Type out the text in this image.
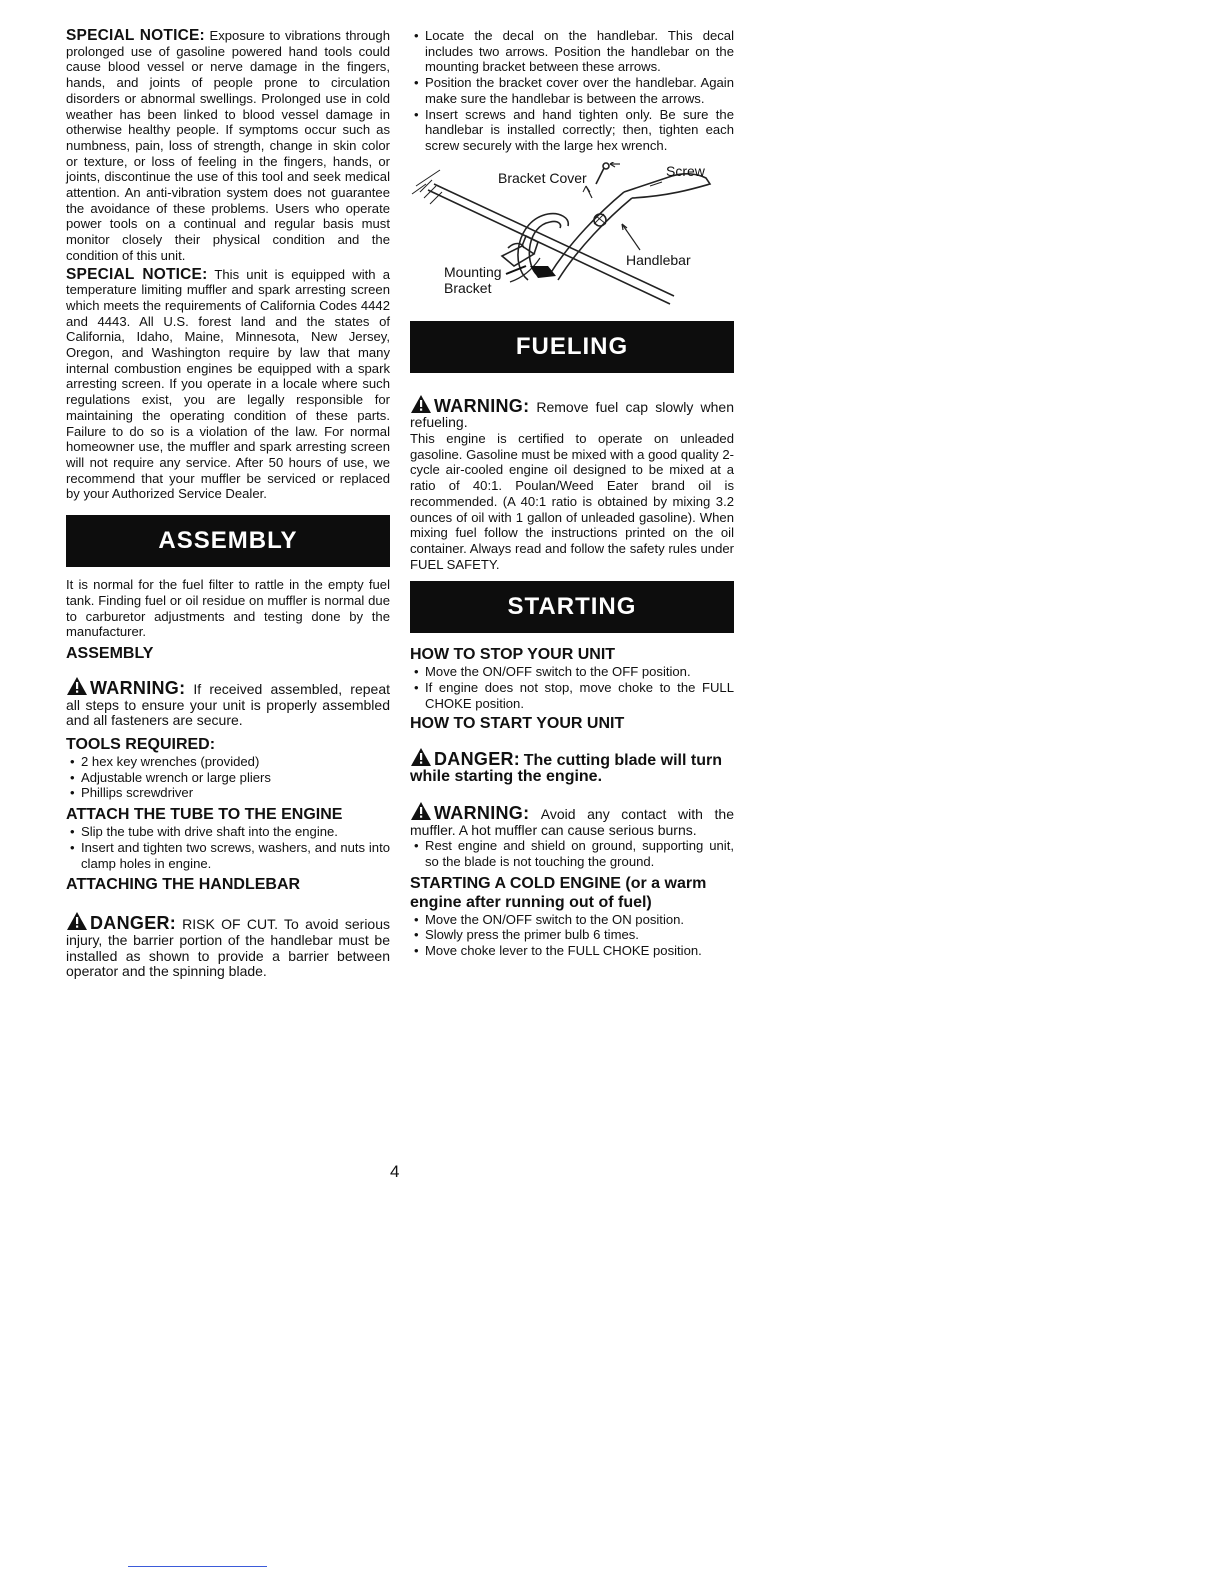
SPECIAL NOTICE: Exposure to vibrations through prolonged use of gasoline powered hand tools could cause blood vessel or nerve damage in the fingers, hands, and joints of people prone to circulation disorders or abnormal swellings. Prolonged use in cold weather has been linked to blood vessel damage in otherwise healthy people. If symptoms occur such as numbness, pain, loss of strength, change in skin color or texture, or loss of feeling in the fingers, hands, or joints, discontinue the use of this tool and seek medical attention. An anti-vibration system does not guarantee the avoidance of these problems. Users who operate power tools on a continual and regular basis must monitor closely their physical condition and the condition of this unit.

SPECIAL NOTICE: This unit is equipped with a temperature limiting muffler and spark arresting screen which meets the requirements of California Codes 4442 and 4443. All U.S. forest land and the states of California, Idaho, Maine, Minnesota, New Jersey, Oregon, and Washington require by law that many internal combustion engines be equipped with a spark arresting screen. If you operate in a locale where such regulations exist, you are legally responsible for maintaining the operating condition of these parts. Failure to do so is a violation of the law. For normal homeowner use, the muffler and spark arresting screen will not require any service. After 50 hours of use, we recommend that your muffler be serviced or replaced by your Authorized Service Dealer.

ASSEMBLY

It is normal for the fuel filter to rattle in the empty fuel tank. Finding fuel or oil residue on muffler is normal due to carburetor adjustments and testing done by the manufacturer.

ASSEMBLY

WARNING: If received assembled, repeat all steps to ensure your unit is properly assembled and all fasteners are secure.

TOOLS REQUIRED:
• 2 hex key wrenches (provided)
• Adjustable wrench or large pliers
• Phillips screwdriver
ATTACH THE TUBE TO THE ENGINE
• Slip the tube with drive shaft into the engine.
• Insert and tighten two screws, washers, and nuts into clamp holes in engine.
ATTACHING THE HANDLEBAR

DANGER: RISK OF CUT. To avoid serious injury, the barrier portion of the handlebar must be installed as shown to provide a barrier between operator and the spinning blade.

• Locate the decal on the handlebar. This decal includes two arrows. Position the handlebar on the mounting bracket between these arrows.
• Position the bracket cover over the handlebar. Again make sure the handlebar is between the arrows.
• Insert screws and hand tighten only. Be sure the handlebar is installed correctly; then, tighten each screw securely with the large hex wrench.
Bracket Cover	Screw
Handlebar
Mounting
Bracket
FUELING

WARNING: Remove fuel cap slowly when refueling.

This engine is certified to operate on unleaded gasoline. Gasoline must be mixed with a good quality 2-cycle air-cooled engine oil designed to be mixed at a ratio of 40:1. Poulan/Weed Eater brand oil is recommended. (A 40:1 ratio is obtained by mixing 3.2 ounces of oil with 1 gallon of unleaded gasoline). When mixing fuel follow the instructions printed on the oil container. Always read and follow the safety rules under FUEL SAFETY.

STARTING
HOW TO STOP YOUR UNIT
• Move the ON/OFF switch to the OFF position.
• If engine does not stop, move choke to the FULL CHOKE position.
HOW TO START YOUR UNIT

DANGER: The cutting blade will turn while starting the engine.

WARNING: Avoid any contact with the muffler. A hot muffler can cause serious burns.

• Rest engine and shield on ground, supporting unit, so the blade is not touching the ground.
STARTING A COLD ENGINE (or a warm engine after running out of fuel)
• Move the ON/OFF switch to the ON position.
• Slowly press the primer bulb 6 times.
• Move choke lever to the FULL CHOKE position.
4
